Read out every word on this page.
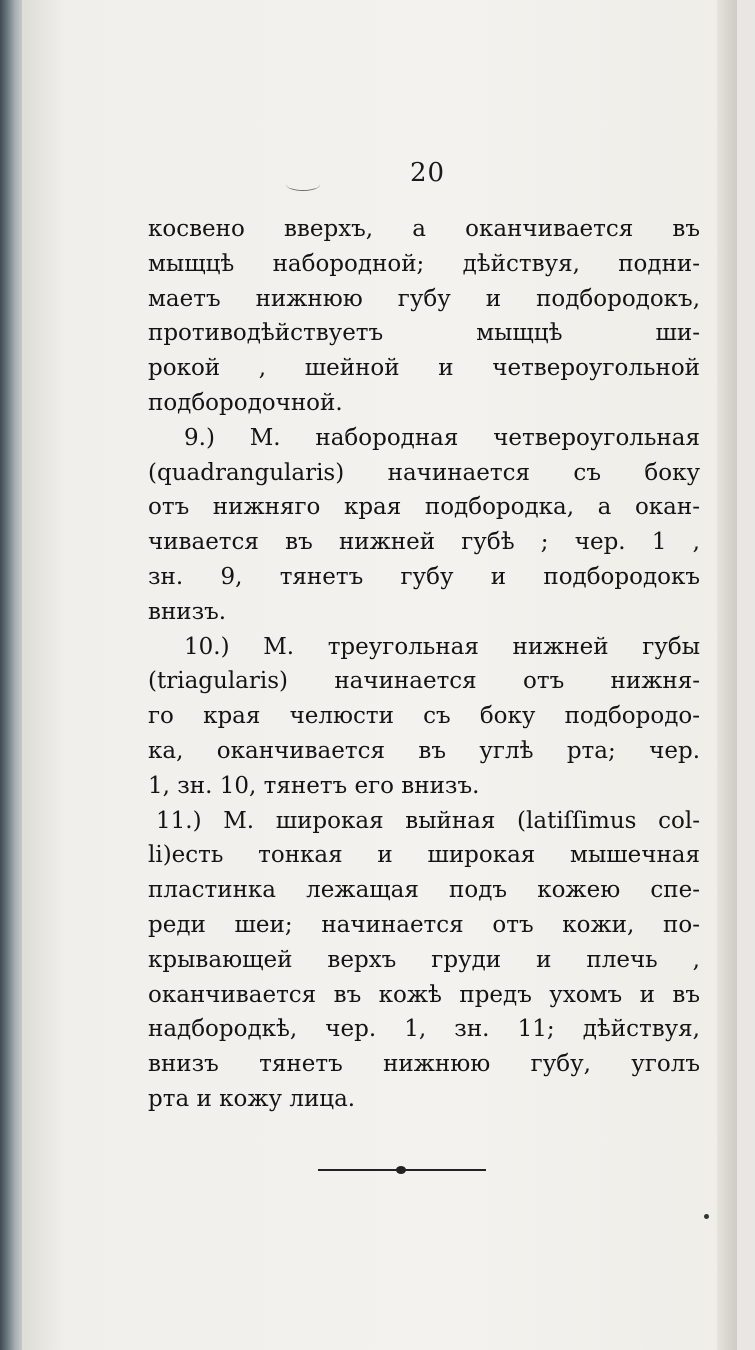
20
косвено вверхъ, а оканчивается въ
мыщцѣ набородной; дѣйствуя, подни-
маетъ нижнюю губу и подбородокъ,
противодѣйствуетъ мыщцѣ ши-
рокой , шейной и четвероугольной
подбородочной.
9.) М. набородная четвероугольная
(quadrangularis) начинается съ боку
отъ нижняго края подбородка, а окан-
чивается въ нижней губѣ ; чер. 1 ,
зн. 9, тянетъ губу и подбородокъ
внизъ.
10.) М. треугольная нижней губы
(triagularis) начинается отъ нижня-
го края челюсти съ боку подбородо-
ка, оканчивается въ углѣ рта; чер.
1, зн. 10, тянетъ его внизъ.
11.) М. широкая выйная (latiſſimus col-
li)есть тонкая и широкая мышечная
пластинка лежащая подъ кожею спе-
реди шеи; начинается отъ кожи, по-
крывающей верхъ груди и плечь ,
оканчивается въ кожѣ предъ ухомъ и въ
надбородкѣ, чер. 1, зн. 11; дѣйствуя,
внизъ тянетъ нижнюю губу, уголъ
рта и кожу лица.
